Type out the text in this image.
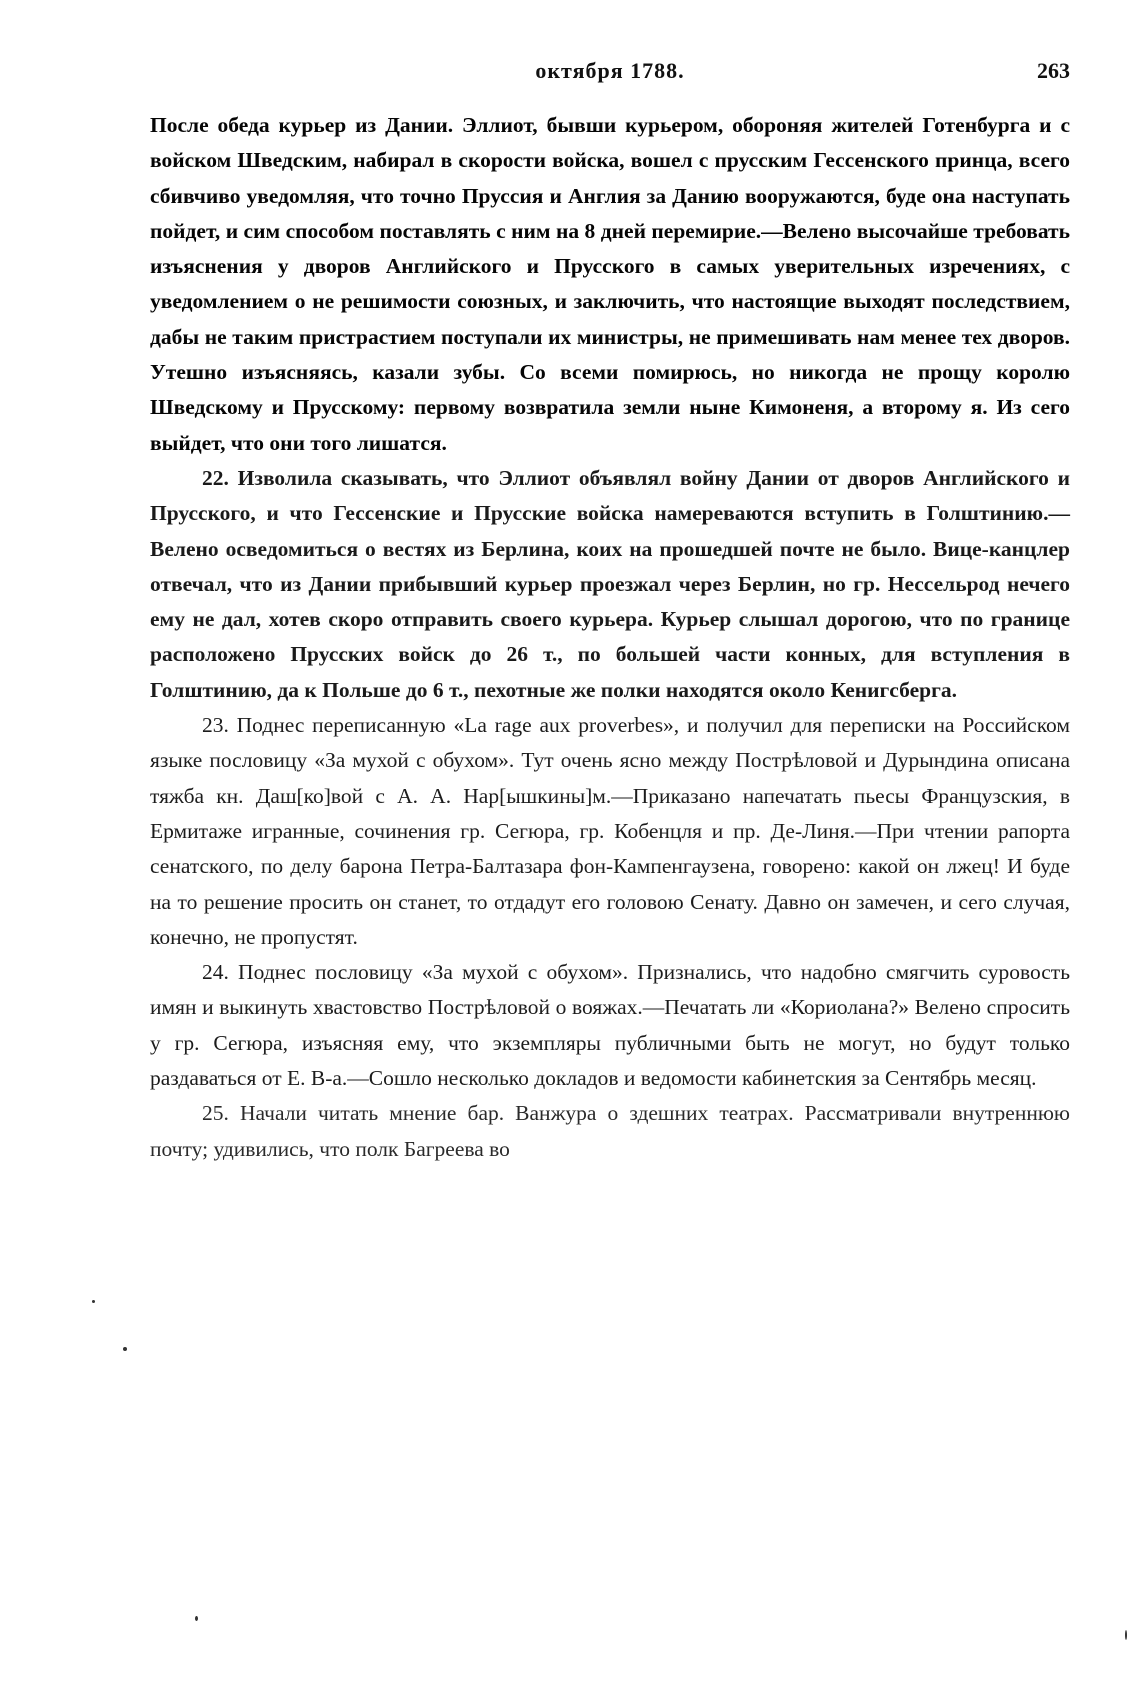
октября 1788.	263

После обеда курьер из Дании. Эллиот, бывши курьером, обороняя жителей Готенбурга и с войском Шведским, набирал в скорости войска, вошел с прусским Гессенского принца, всего сбивчиво уведомляя, что точно Пруссия и Англия за Данию вооружаются, буде она наступать пойдет, и сим способом поставлять с ним на 8 дней перемирие.—Велено высочайше требовать изъяснения у дворов Английского и Прусского в самых уверительных изречениях, с уведомлением о не решимости союзных, и заключить, что настоящие выходят последствием, дабы не таким пристрастием поступали их министры, не примешивать нам менее тех дворов. Утешно изъясняясь, казали зубы. Со всеми помирюсь, но никогда не прощу королю Шведскому и Прусскому: первому возвратила земли ныне Кимоненя, а второму я. Из сего выйдет, что они того лишатся.

22. Изволила сказывать, что Эллиот объявлял войну Дании от дворов Английского и Прусского, и что Гессенские и Прусские войска намереваются вступить в Голштинию.—Велено осведомиться о вестях из Берлина, коих на прошедшей почте не было. Вице-канцлер отвечал, что из Дании прибывший курьер проезжал через Берлин, но гр. Нессельрод нечего ему не дал, хотев скоро отправить своего курьера. Курьер слышал дорогою, что по границе расположено Прусских войск до 26 т., по большей части конных, для вступления в Голштинию, да к Польше до 6 т., пехотные же полки находятся около Кенигсберга.

23. Поднес переписанную «La rage aux proverbes», и получил для переписки на Российском языке пословицу «За мухой с обухом». Тут очень ясно между Пострѣловой и Дурындина описана тяжба кн. Даш[ко]вой с А. А. Нар[ышкины]м.—Приказано напечатать пьесы Французския, в Ермитаже игранные, сочинения гр. Сегюра, гр. Кобенцля и пр. Де-Линя.—При чтении рапорта сенатского, по делу барона Петра-Балтазара фон-Кампенгаузена, говорено: какой он лжец! И буде на то решение просить он станет, то отдадут его головою Сенату. Давно он замечен, и сего случая, конечно, не пропустят.

24. Поднес пословицу «За мухой с обухом». Признались, что надобно смягчить суровость имян и выкинуть хвастовство Пострѣловой о вояжах.—Печатать ли «Кориолана?» Велено спросить у гр. Сегюра, изъясняя ему, что экземпляры публичными быть не могут, но будут только раздаваться от Е. В-а.—Сошло несколько докладов и ведомости кабинетския за Сентябрь месяц.

25. Начали читать мнение бар. Ванжура о здешних театрах. Рассматривали внутреннюю почту; удивились, что полк Багреева во
